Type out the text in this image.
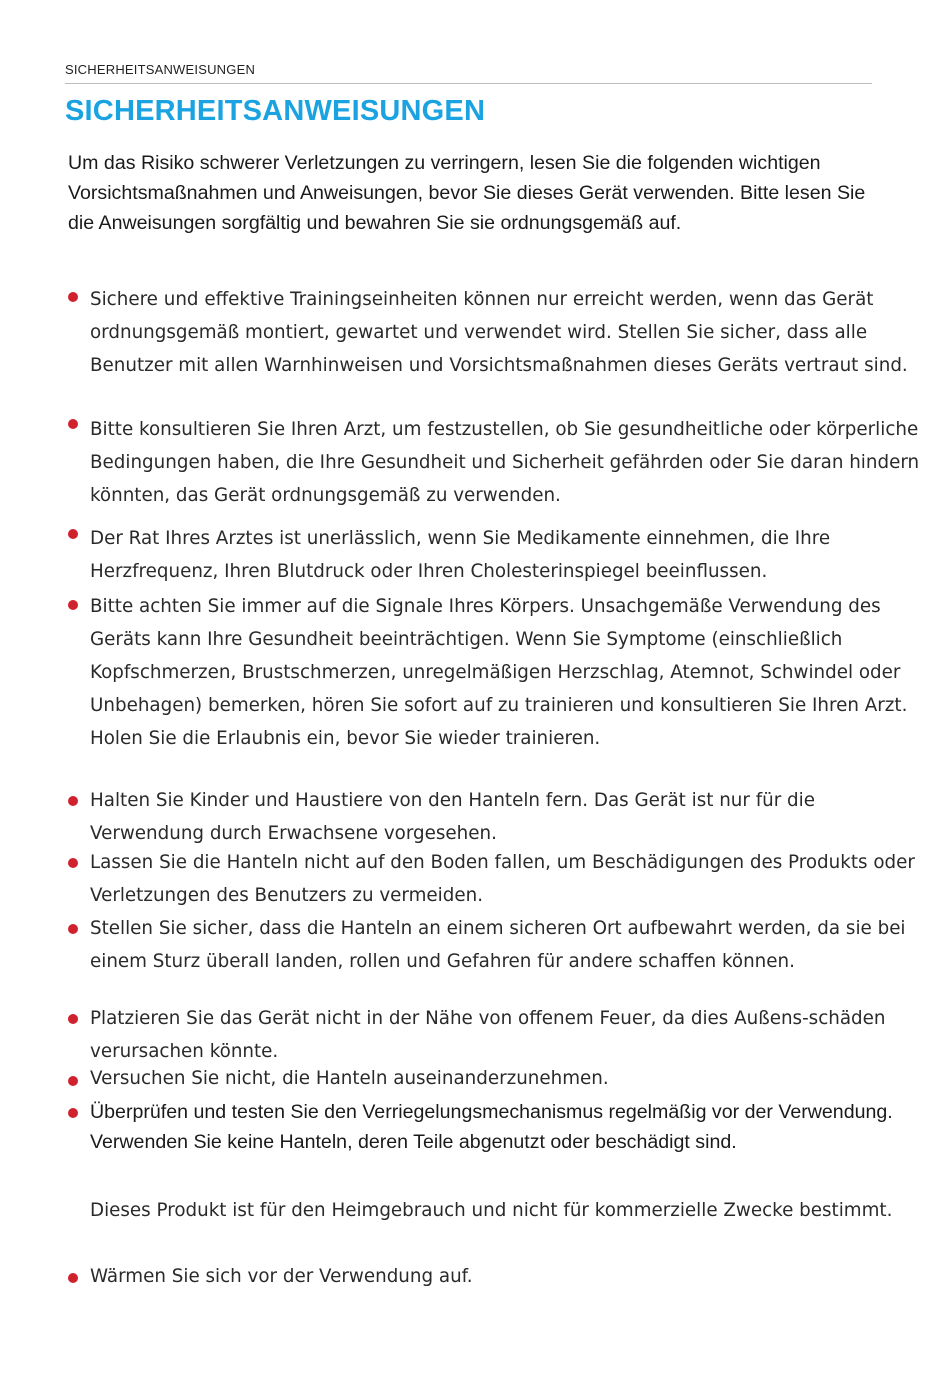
SICHERHEITSANWEISUNGEN
SICHERHEITSANWEISUNGEN

Um das Risiko schwerer Verletzungen zu verringern, lesen Sie die folgenden wichtigen Vorsichtsmaßnahmen und Anweisungen, bevor Sie dieses Gerät verwenden. Bitte lesen Sie die Anweisungen sorgfältig und bewahren Sie sie ordnungsgemäß auf.

Sichere und effektive Trainingseinheiten können nur erreicht werden, wenn das Gerät ordnungsgemäß montiert, gewartet und verwendet wird. Stellen Sie sicher, dass alle Benutzer mit allen Warnhinweisen und Vorsichtsmaßnahmen dieses Geräts vertraut sind.

Bitte konsultieren Sie Ihren Arzt, um festzustellen, ob Sie gesundheitliche oder körperliche Bedingungen haben, die Ihre Gesundheit und Sicherheit gefährden oder Sie daran hindern könnten, das Gerät ordnungsgemäß zu verwenden.

Der Rat Ihres Arztes ist unerlässlich, wenn Sie Medikamente einnehmen, die Ihre Herzfrequenz, Ihren Blutdruck oder Ihren Cholesterinspiegel beeinflussen.

Bitte achten Sie immer auf die Signale Ihres Körpers. Unsachgemäße Verwendung des Geräts kann Ihre Gesundheit beeinträchtigen. Wenn Sie Symptome (einschließlich Kopfschmerzen, Brustschmerzen, unregelmäßigen Herzschlag, Atemnot, Schwindel oder Unbehagen) bemerken, hören Sie sofort auf zu trainieren und konsultieren Sie Ihren Arzt. Holen Sie die Erlaubnis ein, bevor Sie wieder trainieren.

Halten Sie Kinder und Haustiere von den Hanteln fern. Das Gerät ist nur für die Verwendung durch Erwachsene vorgesehen.

Lassen Sie die Hanteln nicht auf den Boden fallen, um Beschädigungen des Produkts oder Verletzungen des Benutzers zu vermeiden.

Stellen Sie sicher, dass die Hanteln an einem sicheren Ort aufbewahrt werden, da sie bei einem Sturz überall landen, rollen und Gefahren für andere schaffen können.

Platzieren Sie das Gerät nicht in der Nähe von offenem Feuer, da dies Außens-schäden verursachen könnte.

Versuchen Sie nicht, die Hanteln auseinanderzunehmen.

Überprüfen und testen Sie den Verriegelungsmechanismus regelmäßig vor der Verwendung. Verwenden Sie keine Hanteln, deren Teile abgenutzt oder beschädigt sind.

Dieses Produkt ist für den Heimgebrauch und nicht für kommerzielle Zwecke bestimmt.

Wärmen Sie sich vor der Verwendung auf.
